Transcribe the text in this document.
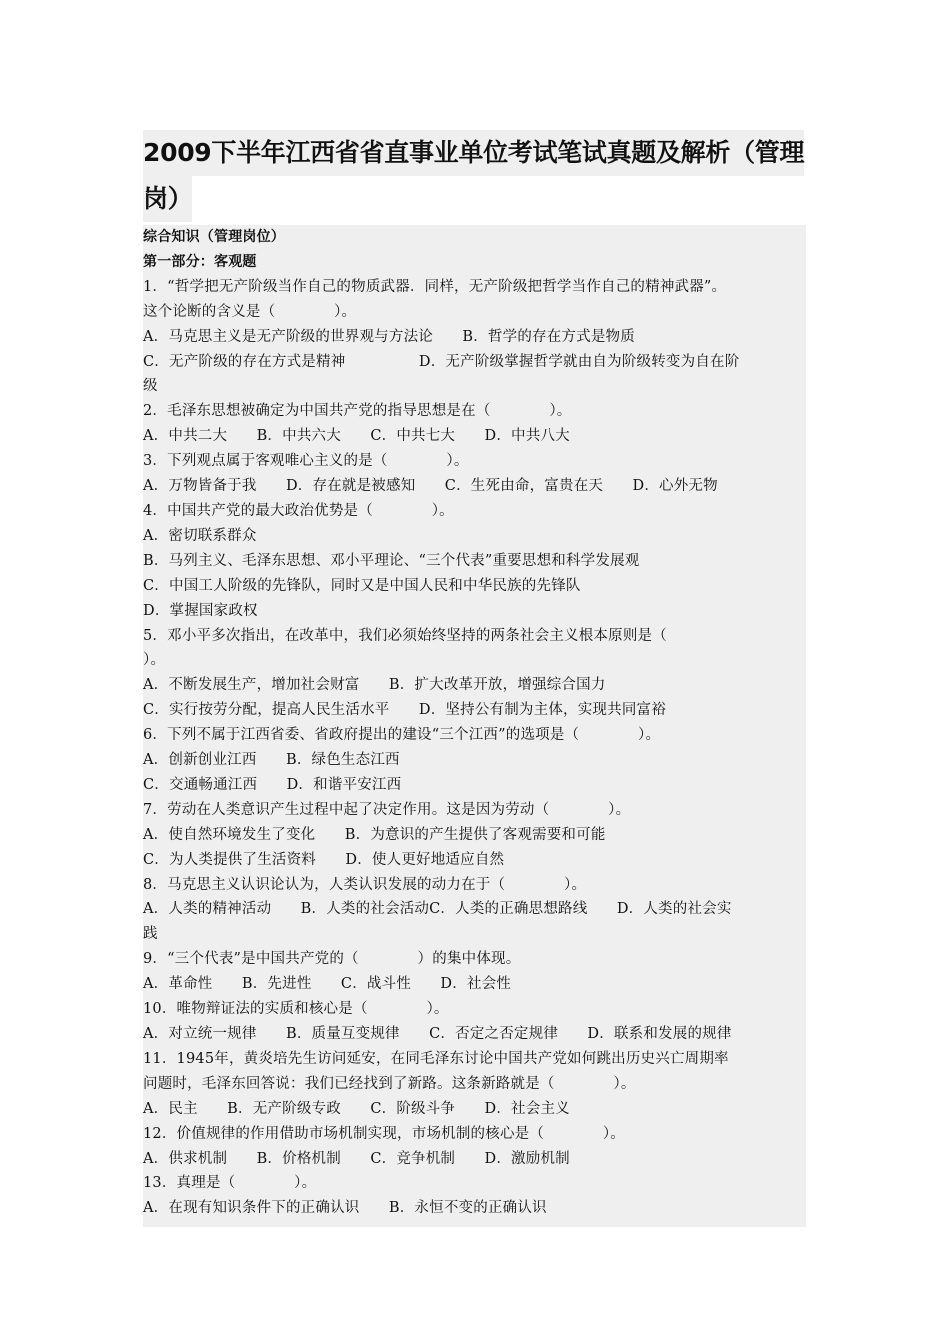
2009下半年江西省省直事业单位考试笔试真题及解析（管理
岗）
综合知识（管理岗位）
第一部分：客观题
1．“哲学把无产阶级当作自己的物质武器．同样，无产阶级把哲学当作自己的精神武器”。
这个论断的含义是（　　　　）。
A．马克思主义是无产阶级的世界观与方法论　　B．哲学的存在方式是物质
C．无产阶级的存在方式是精神　　　　　D．无产阶级掌握哲学就由自为阶级转变为自在阶
级
2．毛泽东思想被确定为中国共产党的指导思想是在（　　　　）。
A．中共二大　　B．中共六大　　C．中共七大　　D．中共八大
3．下列观点属于客观唯心主义的是（　　　　）。
A．万物皆备于我　　D．存在就是被感知　　C．生死由命，富贵在天　　D．心外无物
4．中国共产党的最大政治优势是（　　　　）。
A．密切联系群众
B．马列主义、毛泽东思想、邓小平理论、“三个代表”重要思想和科学发展观
C．中国工人阶级的先锋队，同时又是中国人民和中华民族的先锋队
D．掌握国家政权
5．邓小平多次指出，在改革中，我们必须始终坚持的两条社会主义根本原则是（
）。
A．不断发展生产，增加社会财富　　B．扩大改革开放，增强综合国力
C．实行按劳分配，提高人民生活水平　　D．坚持公有制为主体，实现共同富裕
6．下列不属于江西省委、省政府提出的建设“三个江西”的选项是（　　　　）。
A．创新创业江西　　B．绿色生态江西
C．交通畅通江西　　D．和谐平安江西
7．劳动在人类意识产生过程中起了决定作用。这是因为劳动（　　　　）。
A．使自然环境发生了变化　　B．为意识的产生提供了客观需要和可能
C．为人类提供了生活资料　　D．使人更好地适应自然
8．马克思主义认识论认为，人类认识发展的动力在于（　　　　）。
A．人类的精神活动　　B．人类的社会活动C．人类的正确思想路线　　D．人类的社会实
践
9．“三个代表”是中国共产党的（　　　　）的集中体现。
A．革命性　　B．先进性　　C．战斗性　　D．社会性
10．唯物辩证法的实质和核心是（　　　　）。
A．对立统一规律　　B．质量互变规律　　C．否定之否定规律　　D．联系和发展的规律
11．1945年，黄炎培先生访问延安，在同毛泽东讨论中国共产党如何跳出历史兴亡周期率
问题时，毛泽东回答说：我们已经找到了新路。这条新路就是（　　　　）。
A．民主　　B．无产阶级专政　　C．阶级斗争　　D．社会主义
12．价值规律的作用借助市场机制实现，市场机制的核心是（　　　　）。
A．供求机制　　B．价格机制　　C．竞争机制　　D．激励机制
13．真理是（　　　　）。
A．在现有知识条件下的正确认识　　B．永恒不变的正确认识
